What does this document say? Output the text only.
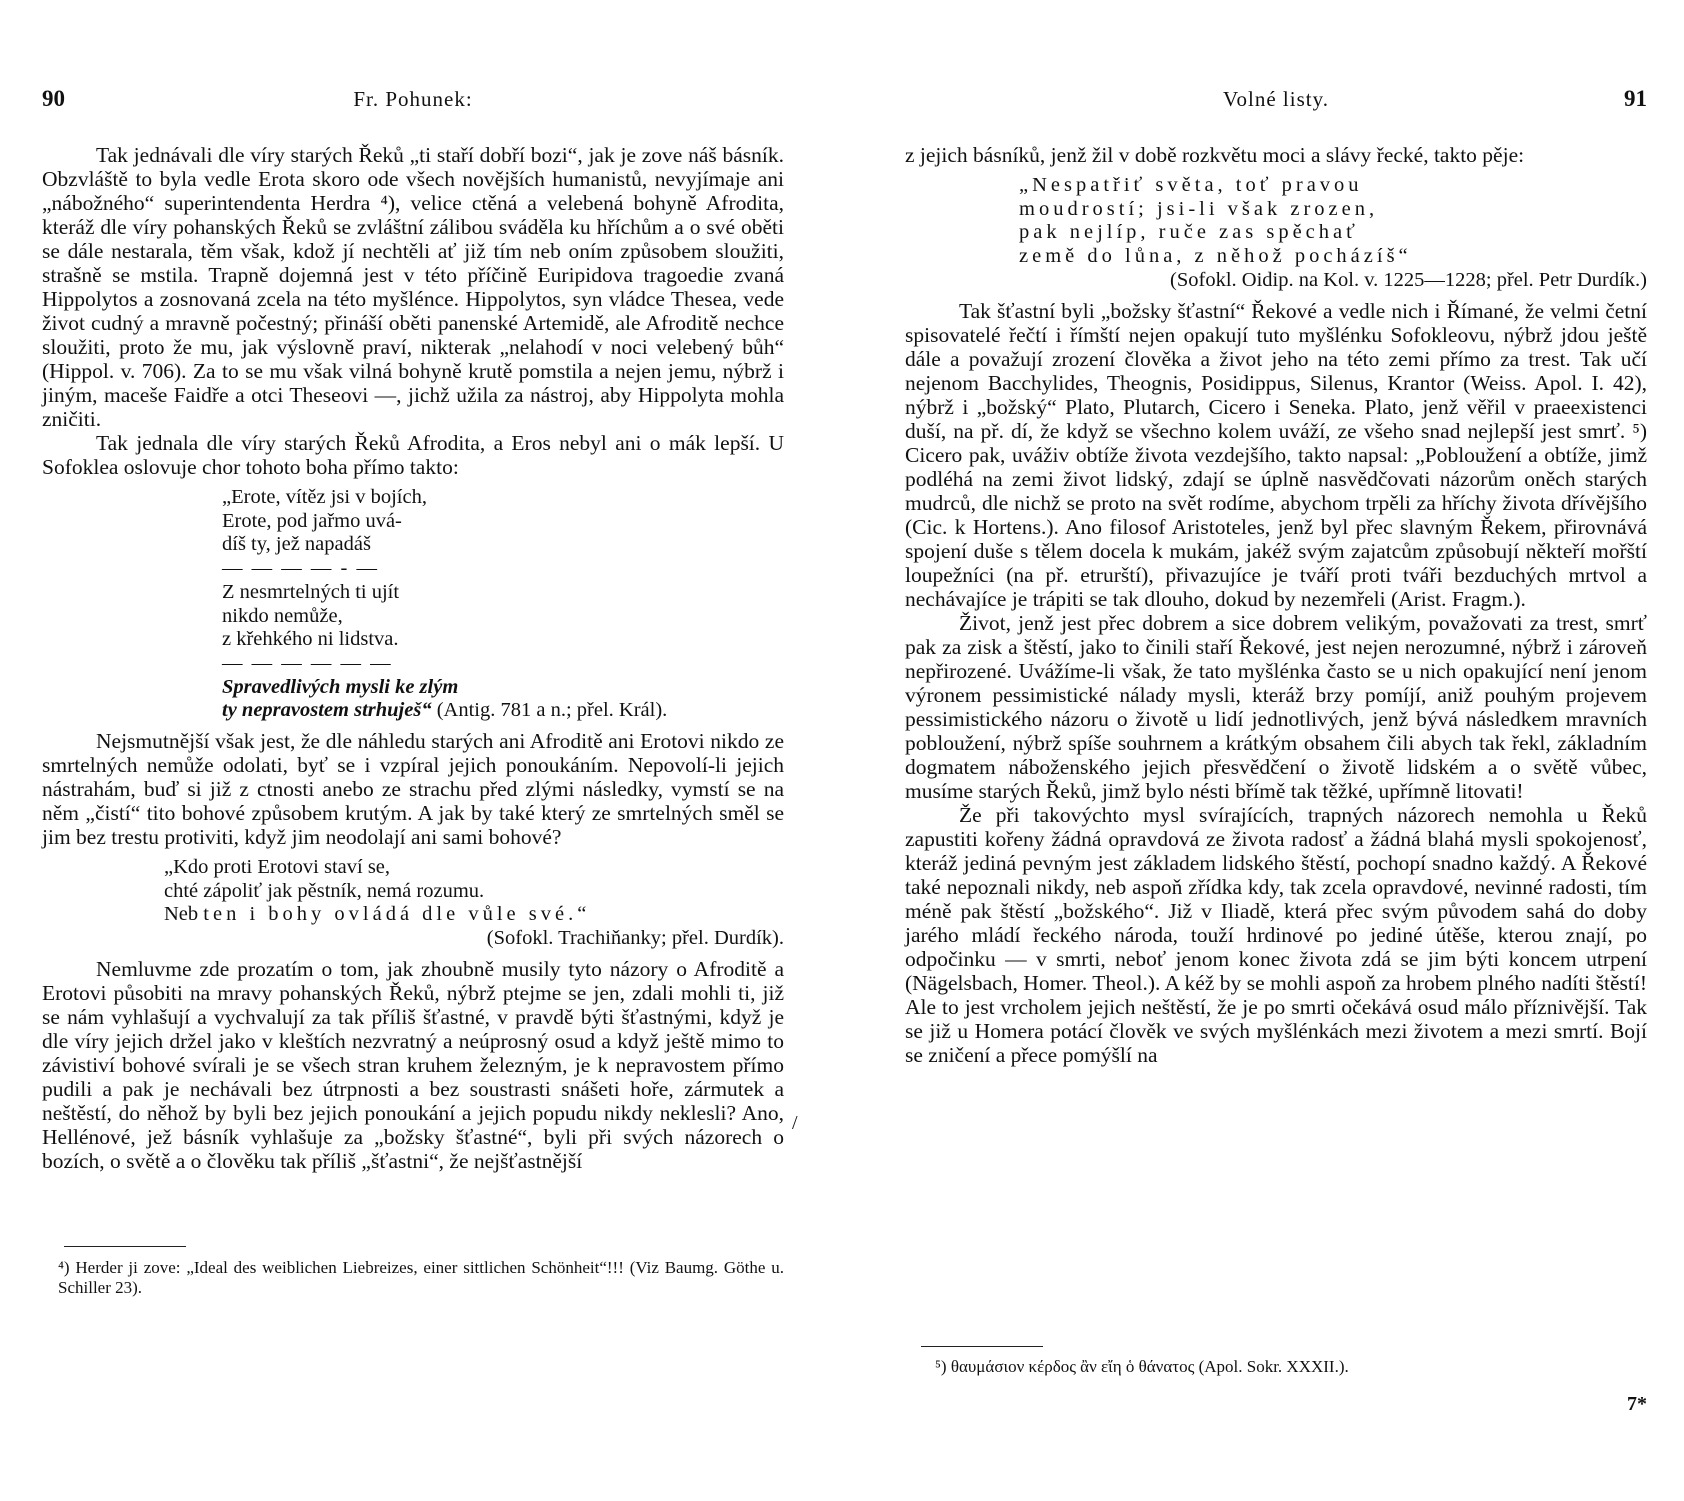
90	Fr. Pohunek:

Tak jednávali dle víry starých Řeků „ti staří dobří bozi“, jak je zove náš básník. Obzvláště to byla vedle Erota skoro ode všech novějších humanistů, nevyjímaje ani „nábožného“ superintendenta Herdra ⁴), velice ctěná a velebená bohyně Afrodita, kteráž dle víry pohanských Řeků se zvláštní zálibou sváděla ku hříchům a o své oběti se dále nestarala, těm však, kdož jí nechtěli ať již tím neb oním způsobem sloužiti, strašně se mstila. Trapně dojemná jest v této příčině Euripidova tragoedie zvaná Hippolytos a zosnovaná zcela na této myšlénce. Hippolytos, syn vládce Thesea, vede život cudný a mravně počestný; přináší oběti panenské Artemidě, ale Afroditě nechce sloužiti, proto že mu, jak výslovně praví, nikterak „nelahodí v noci velebený bůh“ (Hippol. v. 706). Za to se mu však vilná bohyně krutě pomstila a nejen jemu, nýbrž i jiným, maceše Faidře a otci Theseovi —, jichž užila za nástroj, aby Hippolyta mohla zničiti.

Tak jednala dle víry starých Řeků Afrodita, a Eros nebyl ani o mák lepší. U Sofoklea oslovuje chor tohoto boha přímo takto:

„Erote, vítěz jsi v bojích,
Erote, pod jařmo uvá-
díš ty, jež napadáš
— — — — - —
Z nesmrtelných ti ujít
nikdo nemůže,
z křehkého ni lidstva.
— — — — — —
Spravedlivých mysli ke zlým
ty nepravostem strhuješ“ (Antig. 781 a n.; přel. Král).

Nejsmutnější však jest, že dle náhledu starých ani Afroditě ani Erotovi nikdo ze smrtelných nemůže odolati, byť se i vzpíral jejich ponoukáním. Nepovolí-li jejich nástrahám, buď si již z ctnosti anebo ze strachu před zlými následky, vymstí se na něm „čistí“ tito bohové způsobem krutým. A jak by také který ze smrtelných směl se jim bez trestu protiviti, když jim neodolají ani sami bohové?

„Kdo proti Erotovi staví se,
chté zápoliť jak pěstník, nemá rozumu.
Neb ten i bohy ovládá dle vůle své.“
(Sofokl. Trachiňanky; přel. Durdík).

Nemluvme zde prozatím o tom, jak zhoubně musily tyto názory o Afroditě a Erotovi působiti na mravy pohanských Řeků, nýbrž ptejme se jen, zdali mohli ti, již se nám vyhlašují a vychvalují za tak příliš šťastné, v pravdě býti šťastnými, když je dle víry jejich držel jako v kleštích nezvratný a neúprosný osud a když ještě mimo to závistiví bohové svírali je se všech stran kruhem železným, je k nepravostem přímo pudili a pak je nechávali bez útrpnosti a bez soustrasti snášeti hoře, zármutek a neštěstí, do něhož by byli bez jejich ponoukání a jejich popudu nikdy neklesli? Ano, Hellénové, jež básník vyhlašuje za „božsky šťastné“, byli při svých názorech o bozích, o světě a o člověku tak příliš „šťastni“, že nejšťastnější

⁴) Herder ji zove: „Ideal des weiblichen Liebreizes, einer sittlichen Schönheit“!!! (Viz Baumg. Göthe u. Schiller 23).
/
Volné listy.	91

z jejich básníků, jenž žil v době rozkvětu moci a slávy řecké, takto pěje:

„Nespatřiť světa, toť pravou
moudrostí; jsi-li však zrozen,
pak nejlíp, ruče zas spěchať
země do lůna, z něhož pocházíš“
(Sofokl. Oidip. na Kol. v. 1225—1228; přel. Petr Durdík.)

Tak šťastní byli „božsky šťastní“ Řekové a vedle nich i Římané, že velmi četní spisovatelé řečtí i římští nejen opakují tuto myšlénku Sofokleovu, nýbrž jdou ještě dále a považují zrození člověka a život jeho na této zemi přímo za trest. Tak učí nejenom Bacchylides, Theognis, Posidippus, Silenus, Krantor (Weiss. Apol. I. 42), nýbrž i „božský“ Plato, Plutarch, Cicero i Seneka. Plato, jenž věřil v praeexistenci duší, na př. dí, že když se všechno kolem uváží, ze všeho snad nejlepší jest smrť. ⁵) Cicero pak, uváživ obtíže života vezdejšího, takto napsal: „Pobloužení a obtíže, jimž podléhá na zemi život lidský, zdají se úplně nasvědčovati názorům oněch starých mudrců, dle nichž se proto na svět rodíme, abychom trpěli za hříchy života dřívějšího (Cic. k Hortens.). Ano filosof Aristoteles, jenž byl přec slavným Řekem, přirovnává spojení duše s tělem docela k mukám, jakéž svým zajatcům způsobují někteří mořští loupežníci (na př. etrurští), přivazujíce je tváří proti tváři bezduchých mrtvol a nechávajíce je trápiti se tak dlouho, dokud by nezemřeli (Arist. Fragm.).

Život, jenž jest přec dobrem a sice dobrem velikým, považovati za trest, smrť pak za zisk a štěstí, jako to činili staří Řekové, jest nejen nerozumné, nýbrž i zároveň nepřirozené. Uvážíme-li však, že tato myšlénka často se u nich opakující není jenom výronem pessimistické nálady mysli, kteráž brzy pomíjí, aniž pouhým projevem pessimistického názoru o životě u lidí jednotlivých, jenž bývá následkem mravních pobloužení, nýbrž spíše souhrnem a krátkým obsahem čili abych tak řekl, základním dogmatem náboženského jejich přesvědčení o životě lidském a o světě vůbec, musíme starých Řeků, jimž bylo nésti břímě tak těžké, upřímně litovati!

Že při takovýchto mysl svírajících, trapných názorech nemohla u Řeků zapustiti kořeny žádná opravdová ze života radosť a žádná blahá mysli spokojenosť, kteráž jediná pevným jest základem lidského štěstí, pochopí snadno každý. A Řekové také nepoznali nikdy, neb aspoň zřídka kdy, tak zcela opravdové, nevinné radosti, tím méně pak štěstí „božského“. Již v Iliadě, která přec svým původem sahá do doby jarého mládí řeckého národa, touží hrdinové po jediné útěše, kterou znají, po odpočinku — v smrti, neboť jenom konec života zdá se jim býti koncem utrpení (Nägelsbach, Homer. Theol.). A kéž by se mohli aspoň za hrobem plného nadíti štěstí! Ale to jest vrcholem jejich neštěstí, že je po smrti očekává osud málo příznivější. Tak se již u Homera potácí člověk ve svých myšlénkách mezi životem a mezi smrtí. Bojí se zničení a přece pomýšlí na

⁵) θαυμάσιον κέρδος ἂν εἴη ὁ θάνατος (Apol. Sokr. XXXII.).
7*
